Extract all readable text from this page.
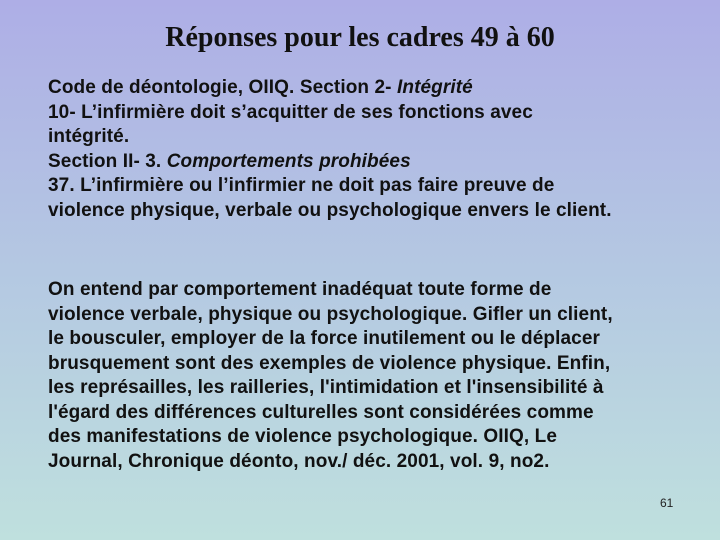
Réponses pour les cadres 49 à 60
Code de déontologie, OIIQ. Section 2- Intégrité
10- L’infirmière doit s’acquitter de ses fonctions avec
intégrité.
Section II- 3. Comportements prohibées
37. L’infirmière ou l’infirmier ne doit pas faire preuve de
violence physique, verbale ou psychologique envers le client.
On entend par comportement inadéquat toute forme de
violence verbale, physique ou psychologique. Gifler un client,
le bousculer, employer de la force inutilement ou le déplacer
brusquement sont des exemples de violence physique. Enfin,
les représailles, les railleries, l'intimidation et l'insensibilité à
l'égard des différences culturelles sont considérées comme
des manifestations de violence psychologique. OIIQ, Le
Journal, Chronique déonto, nov./ déc. 2001, vol. 9, no2.
61
